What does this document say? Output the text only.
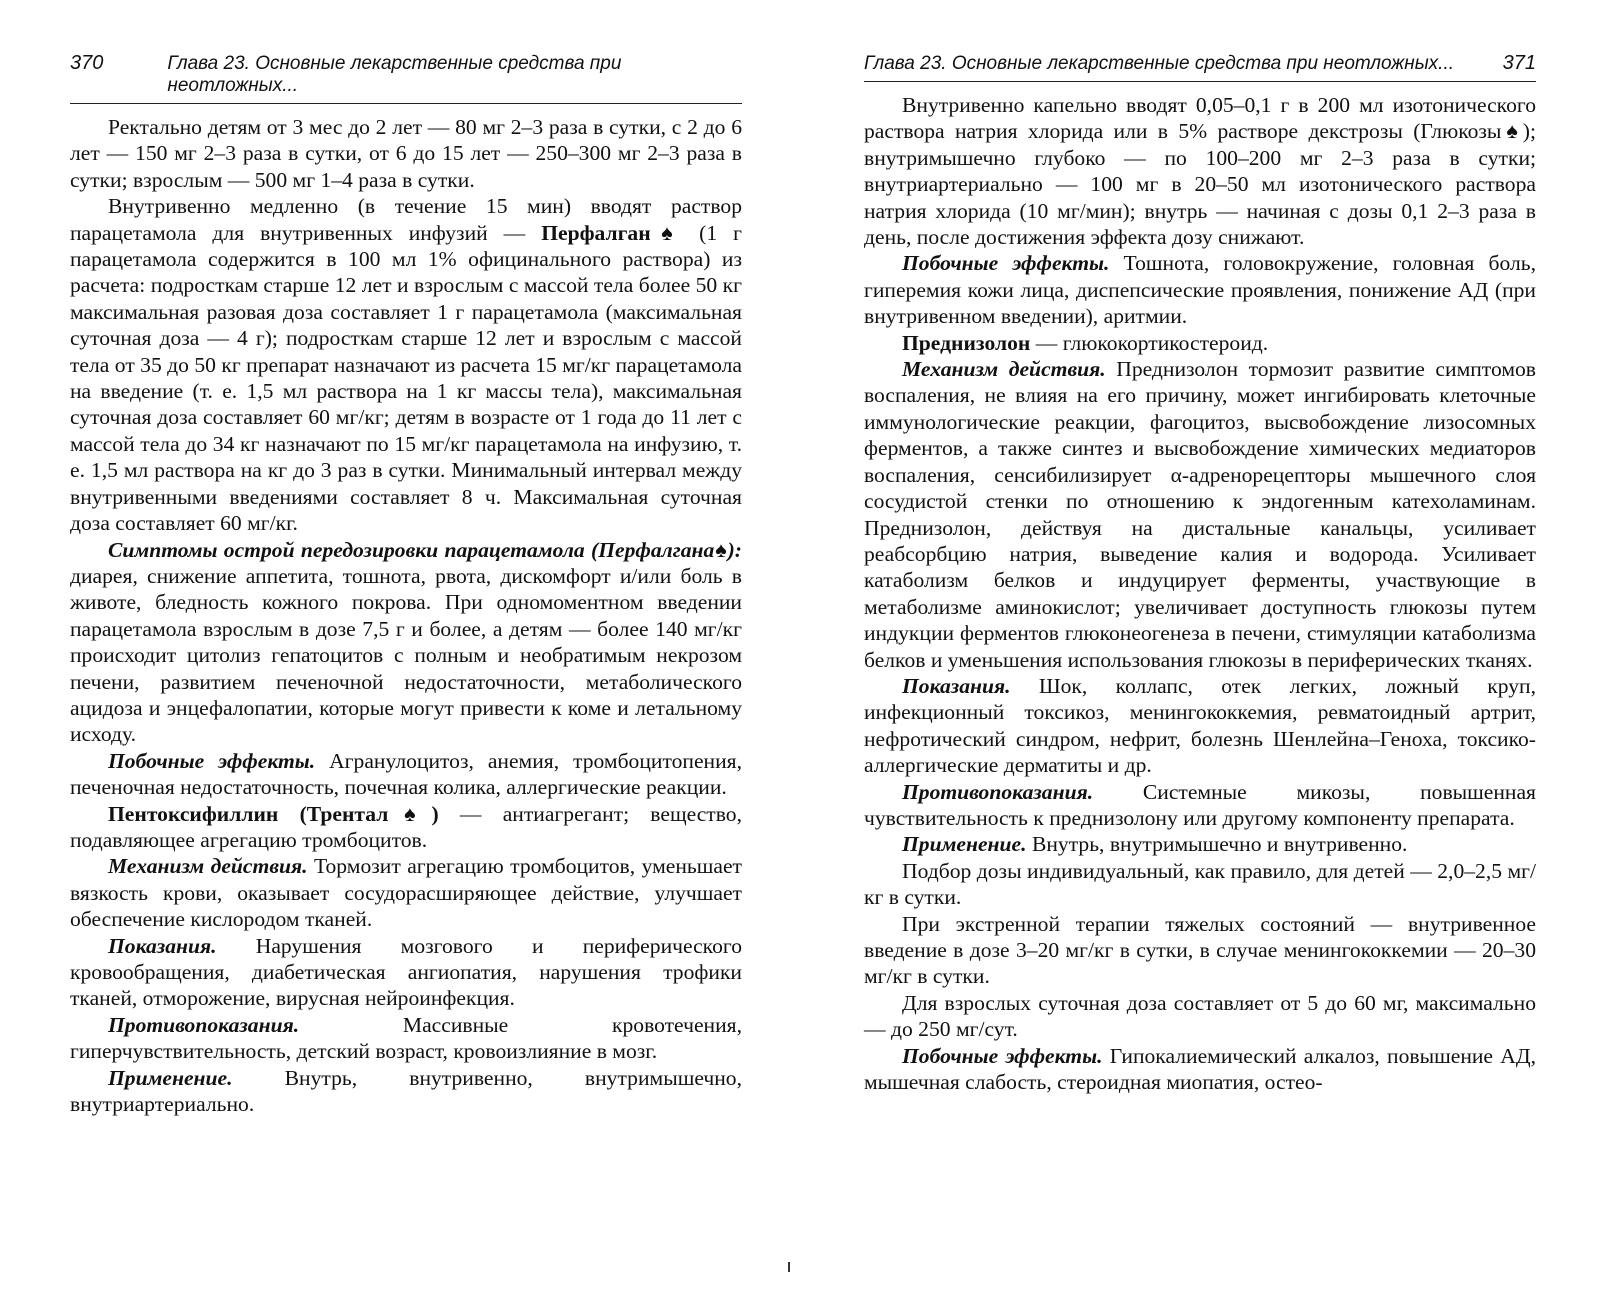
370	Глава 23. Основные лекарственные средства при неотложных...

Ректально детям от 3 мес до 2 лет — 80 мг 2–3 раза в сутки, с 2 до 6 лет — 150 мг 2–3 раза в сутки, от 6 до 15 лет — 250–300 мг 2–3 раза в сутки; взрослым — 500 мг 1–4 раза в сутки.

Внутривенно медленно (в течение 15 мин) вводят раствор парацетамола для внутривенных инфузий — Перфалган♠ (1 г парацетамола содержится в 100 мл 1% официнального раствора) из расчета: подросткам старше 12 лет и взрослым с массой тела более 50 кг максимальная разовая доза составляет 1 г парацетамола (максимальная суточная доза — 4 г); подросткам старше 12 лет и взрослым с массой тела от 35 до 50 кг препарат назначают из расчета 15 мг/кг парацетамола на введение (т. е. 1,5 мл раствора на 1 кг массы тела), максимальная суточная доза составляет 60 мг/кг; детям в возрасте от 1 года до 11 лет с массой тела до 34 кг назначают по 15 мг/кг парацетамола на инфузию, т. е. 1,5 мл раствора на кг до 3 раз в сутки. Минимальный интервал между внутривенными введениями составляет 8 ч. Максимальная суточная доза составляет 60 мг/кг.

Симптомы острой передозировки парацетамола (Перфалгана♠): диарея, снижение аппетита, тошнота, рвота, дискомфорт и/или боль в животе, бледность кожного покрова. При одномоментном введении парацетамола взрослым в дозе 7,5 г и более, а детям — более 140 мг/кг происходит цитолиз гепатоцитов с полным и необратимым некрозом печени, развитием печеночной недостаточности, метаболического ацидоза и энцефалопатии, которые могут привести к коме и летальному исходу.

Побочные эффекты. Агранулоцитоз, анемия, тромбоцитопения, печеночная недостаточность, почечная колика, аллергические реакции.

Пентоксифиллин (Трентал♠) — антиагрегант; вещество, подавляющее агрегацию тромбоцитов.

Механизм действия. Тормозит агрегацию тромбоцитов, уменьшает вязкость крови, оказывает сосудорасширяющее действие, улучшает обеспечение кислородом тканей.

Показания. Нарушения мозгового и периферического кровообращения, диабетическая ангиопатия, нарушения трофики тканей, отморожение, вирусная нейроинфекция.

Противопоказания. Массивные кровотечения, гиперчувствительность, детский возраст, кровоизлияние в мозг.

Применение. Внутрь, внутривенно, внутримышечно, внутриартериально.

Глава 23. Основные лекарственные средства при неотложных... 371

Внутривенно капельно вводят 0,05–0,1 г в 200 мл изотонического раствора натрия хлорида или в 5% растворе декстрозы (Глюкозы♠); внутримышечно глубоко — по 100–200 мг 2–3 раза в сутки; внутриартериально — 100 мг в 20–50 мл изотонического раствора натрия хлорида (10 мг/мин); внутрь — начиная с дозы 0,1 2–3 раза в день, после достижения эффекта дозу снижают.

Побочные эффекты. Тошнота, головокружение, головная боль, гиперемия кожи лица, диспепсические проявления, понижение АД (при внутривенном введении), аритмии.

Преднизолон — глюкокортикостероид.

Механизм действия. Преднизолон тормозит развитие симптомов воспаления, не влияя на его причину, может ингибировать клеточные иммунологические реакции, фагоцитоз, высвобождение лизосомных ферментов, а также синтез и высвобождение химических медиаторов воспаления, сенсибилизирует α-адренорецепторы мышечного слоя сосудистой стенки по отношению к эндогенным катехоламинам. Преднизолон, действуя на дистальные канальцы, усиливает реабсорбцию натрия, выведение калия и водорода. Усиливает катаболизм белков и индуцирует ферменты, участвующие в метаболизме аминокислот; увеличивает доступность глюкозы путем индукции ферментов глюконеогенеза в печени, стимуляции катаболизма белков и уменьшения использования глюкозы в периферических тканях.

Показания. Шок, коллапс, отек легких, ложный круп, инфекционный токсикоз, менингококкемия, ревматоидный артрит, нефротический синдром, нефрит, болезнь Шенлейна–Геноха, токсико-аллергические дерматиты и др.

Противопоказания. Системные микозы, повышенная чувствительность к преднизолону или другому компоненту препарата.

Применение. Внутрь, внутримышечно и внутривенно.

Подбор дозы индивидуальный, как правило, для детей — 2,0–2,5 мг/кг в сутки.

При экстренной терапии тяжелых состояний — внутривенное введение в дозе 3–20 мг/кг в сутки, в случае менингококкемии — 20–30 мг/кг в сутки.

Для взрослых суточная доза составляет от 5 до 60 мг, максимально — до 250 мг/сут.

Побочные эффекты. Гипокалиемический алкалоз, повышение АД, мышечная слабость, стероидная миопатия, остео-
